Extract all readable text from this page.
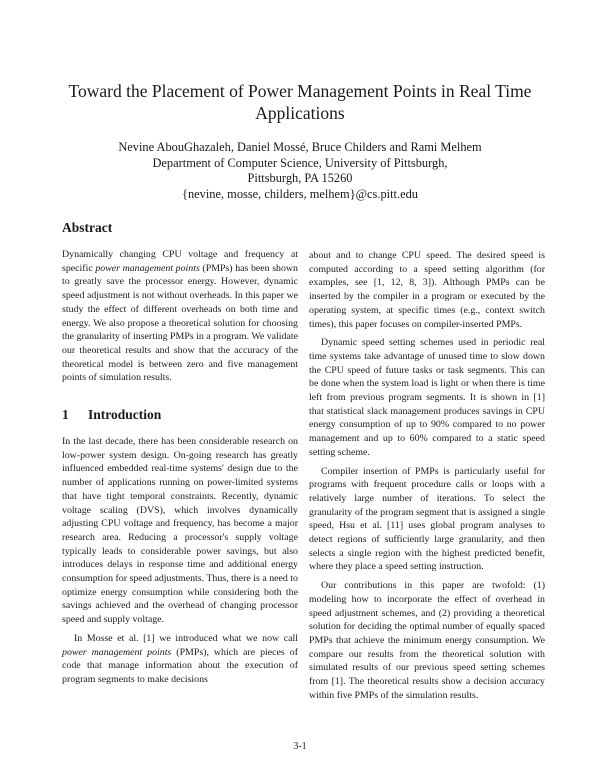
Toward the Placement of Power Management Points in Real Time Applications
Nevine AbouGhazaleh, Daniel Mossé, Bruce Childers and Rami Melhem
Department of Computer Science, University of Pittsburgh,
Pittsburgh, PA 15260
{nevine, mosse, childers, melhem}@cs.pitt.edu
Abstract

Dynamically changing CPU voltage and frequency at specific power management points (PMPs) has been shown to greatly save the processor energy. However, dynamic speed adjustment is not without overheads. In this paper we study the effect of different overheads on both time and energy. We also propose a theoretical solution for choosing the granularity of inserting PMPs in a program. We validate our theoretical results and show that the accuracy of the theoretical model is between zero and five management points of simulation results.

1 Introduction

In the last decade, there has been considerable research on low-power system design. On-going research has greatly influenced embedded real-time systems' design due to the number of applications running on power-limited systems that have tight temporal constraints. Recently, dynamic voltage scaling (DVS), which involves dynamically adjusting CPU voltage and frequency, has become a major research area. Reducing a processor's supply voltage typically leads to considerable power savings, but also introduces delays in response time and additional energy consumption for speed adjustments. Thus, there is a need to optimize energy consumption while considering both the savings achieved and the overhead of changing processor speed and supply voltage.

In Mosse et al. [1] we introduced what we now call power management points (PMPs), which are pieces of code that manage information about the execution of program segments to make decisions

about and to change CPU speed. The desired speed is computed according to a speed setting algorithm (for examples, see [1, 12, 8, 3]). Although PMPs can be inserted by the compiler in a program or executed by the operating system, at specific times (e.g., context switch times), this paper focuses on compiler-inserted PMPs.

Dynamic speed setting schemes used in periodic real time systems take advantage of unused time to slow down the CPU speed of future tasks or task segments. This can be done when the system load is light or when there is time left from previous program segments. It is shown in [1] that statistical slack management produces savings in CPU energy consumption of up to 90% compared to no power management and up to 60% compared to a static speed setting scheme.

Compiler insertion of PMPs is particularly useful for programs with frequent procedure calls or loops with a relatively large number of iterations. To select the granularity of the program segment that is assigned a single speed, Hsu et al. [11] uses global program analyses to detect regions of sufficiently large granularity, and then selects a single region with the highest predicted benefit, where they place a speed setting instruction.

Our contributions in this paper are twofold: (1) modeling how to incorporate the effect of overhead in speed adjustment schemes, and (2) providing a theoretical solution for deciding the optimal number of equally spaced PMPs that achieve the minimum energy consumption. We compare our results from the theoretical solution with simulated results of our previous speed setting schemes from [1]. The theoretical results show a decision accuracy within five PMPs of the simulation results.

3-1
